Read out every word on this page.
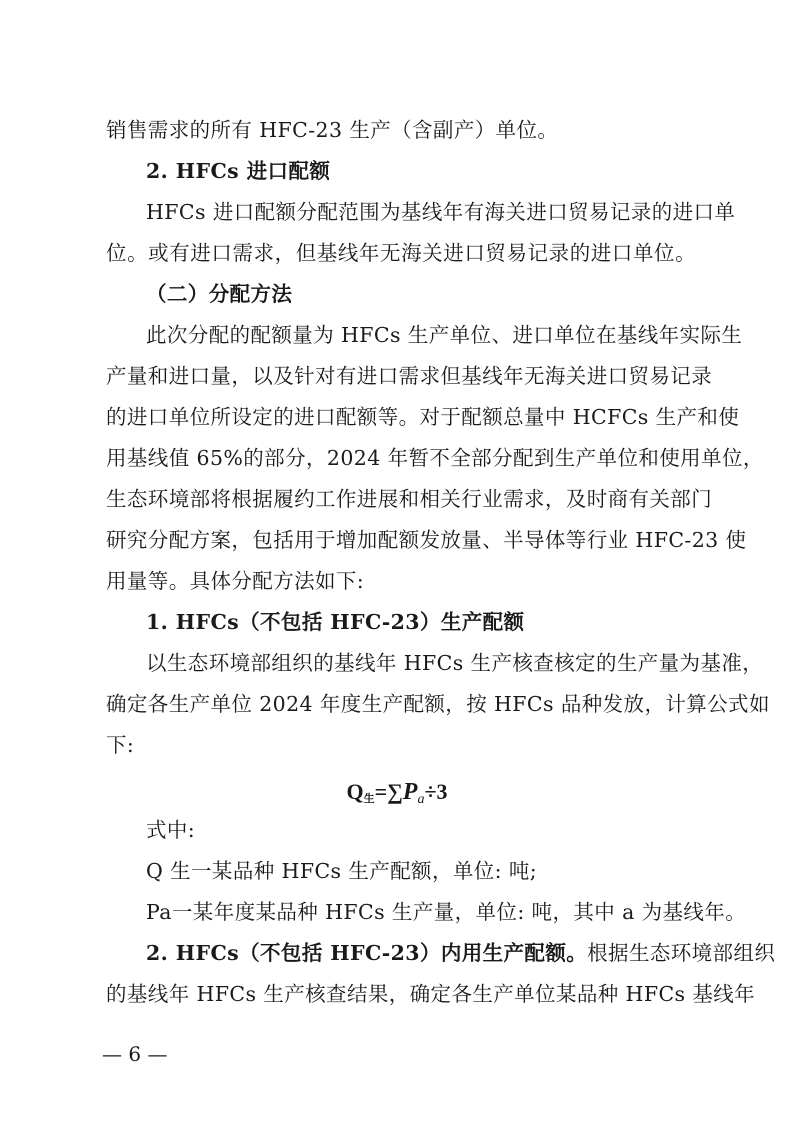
销售需求的所有 HFC-23 生产（含副产）单位。
2. HFCs 进口配额
HFCs 进口配额分配范围为基线年有海关进口贸易记录的进口单
位。或有进口需求，但基线年无海关进口贸易记录的进口单位。
（二）分配方法
此次分配的配额量为 HFCs 生产单位、进口单位在基线年实际生
产量和进口量，以及针对有进口需求但基线年无海关进口贸易记录
的进口单位所设定的进口配额等。对于配额总量中 HCFCs 生产和使
用基线值 65%的部分，2024 年暂不全部分配到生产单位和使用单位，
生态环境部将根据履约工作进展和相关行业需求，及时商有关部门
研究分配方案，包括用于增加配额发放量、半导体等行业 HFC-23 使
用量等。具体分配方法如下:
1. HFCs（不包括 HFC-23）生产配额
以生态环境部组织的基线年 HFCs 生产核查核定的生产量为基准，
确定各生产单位 2024 年度生产配额，按 HFCs 品种发放，计算公式如
下:
$Q_生=\sum Pa\div 3$
式中:
Q 生一某品种 HFCs 生产配额，单位: 吨;
Pa一某年度某品种 HFCs 生产量，单位: 吨，其中 a 为基线年。
2. HFCs（不包括 HFC-23）内用生产配额。根据生态环境部组织
的基线年 HFCs 生产核查结果，确定各生产单位某品种 HFCs 基线年
— 6 —
